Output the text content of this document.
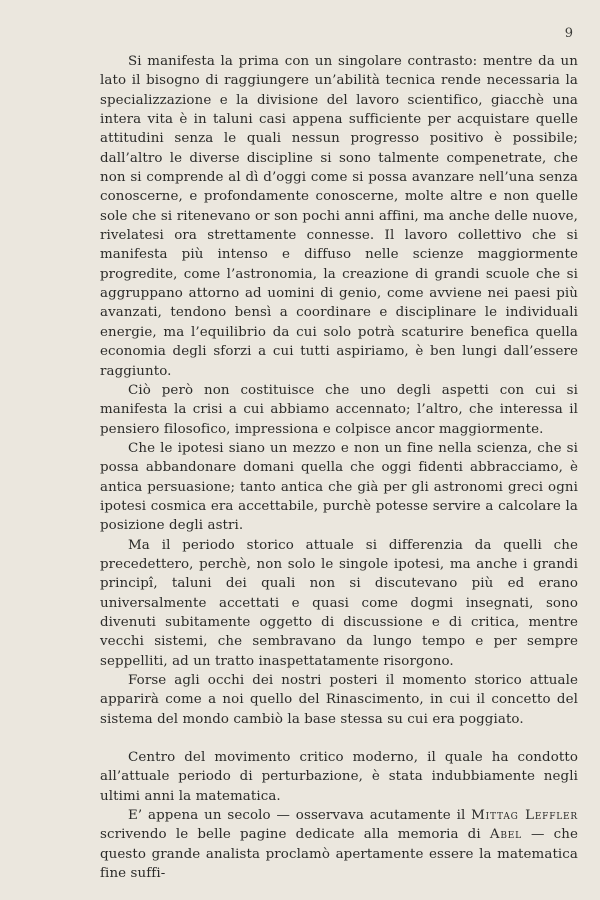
9

Si manifesta la prima con un singolare contrasto: mentre da un lato il bisogno di raggiungere un’abilità tecnica rende necessaria la specializzazione e la divisione del lavoro scientifico, giacchè una intera vita è in taluni casi appena sufficiente per acquistare quelle attitudini senza le quali nessun progresso positivo è possibile; dall’altro le diverse discipline si sono talmente compenetrate, che non si comprende al dì d’oggi come si possa avanzare nell’una senza conoscerne, e profondamente conoscerne, molte altre e non quelle sole che si ritenevano or son pochi anni affini, ma anche delle nuove, rivelatesi ora strettamente connesse. Il lavoro collettivo che si manifesta più intenso e diffuso nelle scienze maggiormente progredite, come l’astronomia, la creazione di grandi scuole che si aggruppano attorno ad uomini di genio, come avviene nei paesi più avanzati, tendono bensì a coordinare e disciplinare le individuali energie, ma l’equilibrio da cui solo potrà scaturire benefica quella economia degli sforzi a cui tutti aspiriamo, è ben lungi dall’essere raggiunto.

Ciò però non costituisce che uno degli aspetti con cui si manifesta la crisi a cui abbiamo accennato; l’altro, che interessa il pensiero filosofico, impressiona e colpisce ancor maggiormente.

Che le ipotesi siano un mezzo e non un fine nella scienza, che si possa abbandonare domani quella che oggi fidenti abbracciamo, è antica persuasione; tanto antica che già per gli astronomi greci ogni ipotesi cosmica era accettabile, purchè potesse servire a calcolare la posizione degli astri.

Ma il periodo storico attuale si differenzia da quelli che precedettero, perchè, non solo le singole ipotesi, ma anche i grandi principî, taluni dei quali non si discutevano più ed erano universalmente accettati e quasi come dogmi insegnati, sono divenuti subitamente oggetto di discussione e di critica, mentre vecchi sistemi, che sembravano da lungo tempo e per sempre seppelliti, ad un tratto inaspettatamente risorgono.

Forse agli occhi dei nostri posteri il momento storico attuale apparirà come a noi quello del Rinascimento, in cui il concetto del sistema del mondo cambiò la base stessa su cui era poggiato.

Centro del movimento critico moderno, il quale ha condotto all’attuale periodo di perturbazione, è stata indubbiamente negli ultimi anni la matematica.

E’ appena un secolo — osservava acutamente il Mittag Leffler scrivendo le belle pagine dedicate alla memoria di Abel — che questo grande analista proclamò apertamente essere la matematica fine suffi-
